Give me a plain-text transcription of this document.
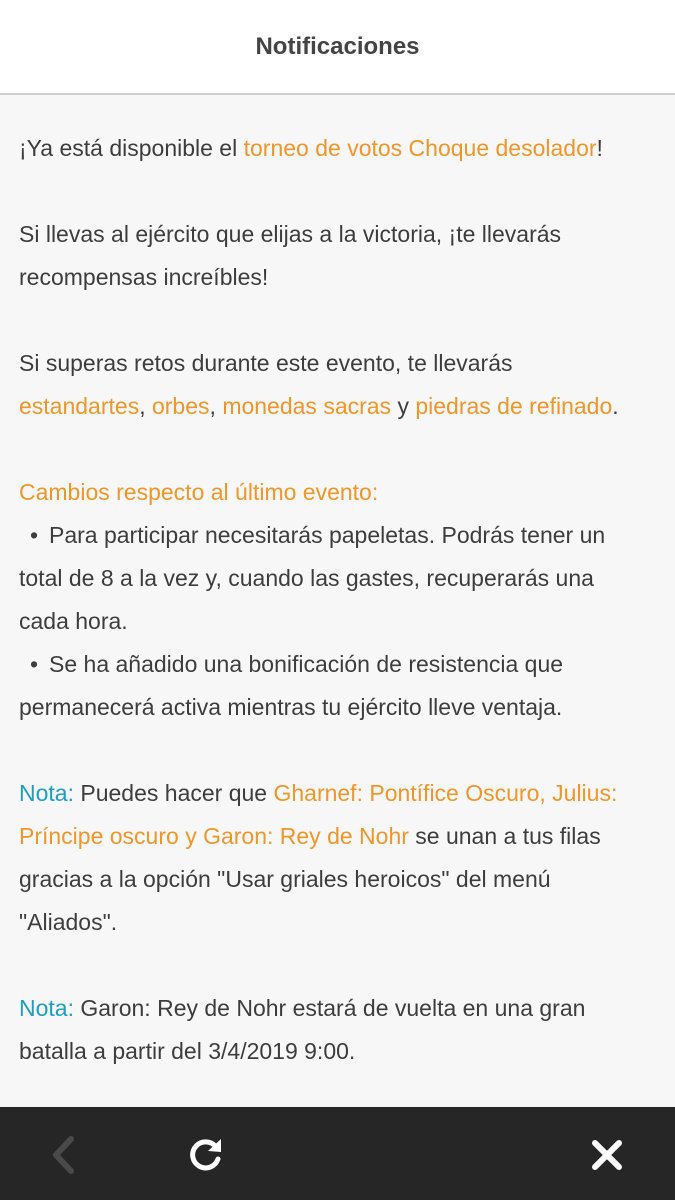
Notificaciones
¡Ya está disponible el torneo de votos Choque desolador!
Si llevas al ejército que elijas a la victoria, ¡te llevarás
recompensas increíbles!
Si superas retos durante este evento, te llevarás
estandartes, orbes, monedas sacras y piedras de refinado.
Cambios respecto al último evento:
• Para participar necesitarás papeletas. Podrás tener un
total de 8 a la vez y, cuando las gastes, recuperarás una
cada hora.
• Se ha añadido una bonificación de resistencia que
permanecerá activa mientras tu ejército lleve ventaja.
Nota: Puedes hacer que Gharnef: Pontífice Oscuro, Julius:
Príncipe oscuro y Garon: Rey de Nohr se unan a tus filas
gracias a la opción "Usar griales heroicos" del menú
"Aliados".
Nota: Garon: Rey de Nohr estará de vuelta en una gran
batalla a partir del 3/4/2019 9:00.
